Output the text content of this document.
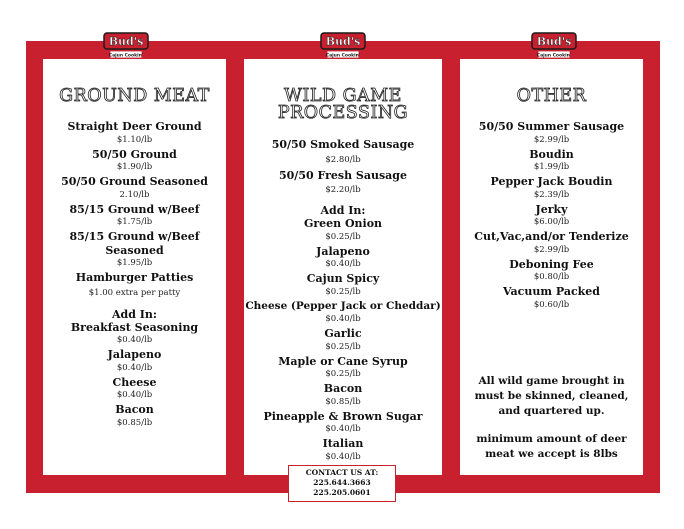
Bud's
Cajun Cookin'
Bud's
Cajun Cookin'
Bud's
Cajun Cookin'
GROUND MEAT
Straight Deer Ground
$1.10/lb
50/50 Ground
$1.90/lb
50/50 Ground Seasoned
2.10/lb
85/15 Ground w/Beef
$1.75/lb
85/15 Ground w/Beef Seasoned
$1.95/lb
Hamburger Patties
$1.00 extra per patty
Add In:
Breakfast Seasoning
$0.40/lb
Jalapeno
$0.40/lb
Cheese
$0.40/lb
Bacon
$0.85/lb
WILD GAME
PROCESSING
50/50 Smoked Sausage
$2.80/lb
50/50 Fresh Sausage
$2.20/lb
Add In:
Green Onion
$0.25/lb
Jalapeno
$0.40/lb
Cajun Spicy
$0.25/lb
Cheese (Pepper Jack or Cheddar)
$0.40/lb
Garlic
$0.25/lb
Maple or Cane Syrup
$0.25/lb
Bacon
$0.85/lb
Pineapple & Brown Sugar
$0.40/lb
Italian
$0.40/lb
OTHER
50/50 Summer Sausage
$2.99/lb
Boudin
$1.99/lb
Pepper Jack Boudin
$2.39/lb
Jerky
$6.00/lb
Cut,Vac,and/or Tenderize
$2.99/lb
Deboning Fee
$0.80/lb
Vacuum Packed
$0.60/lb
All wild game brought in
must be skinned, cleaned,
and quartered up.
minimum amount of deer
meat we accept is 8lbs
CONTACT US AT:
225.644.3663
225.205.0601
